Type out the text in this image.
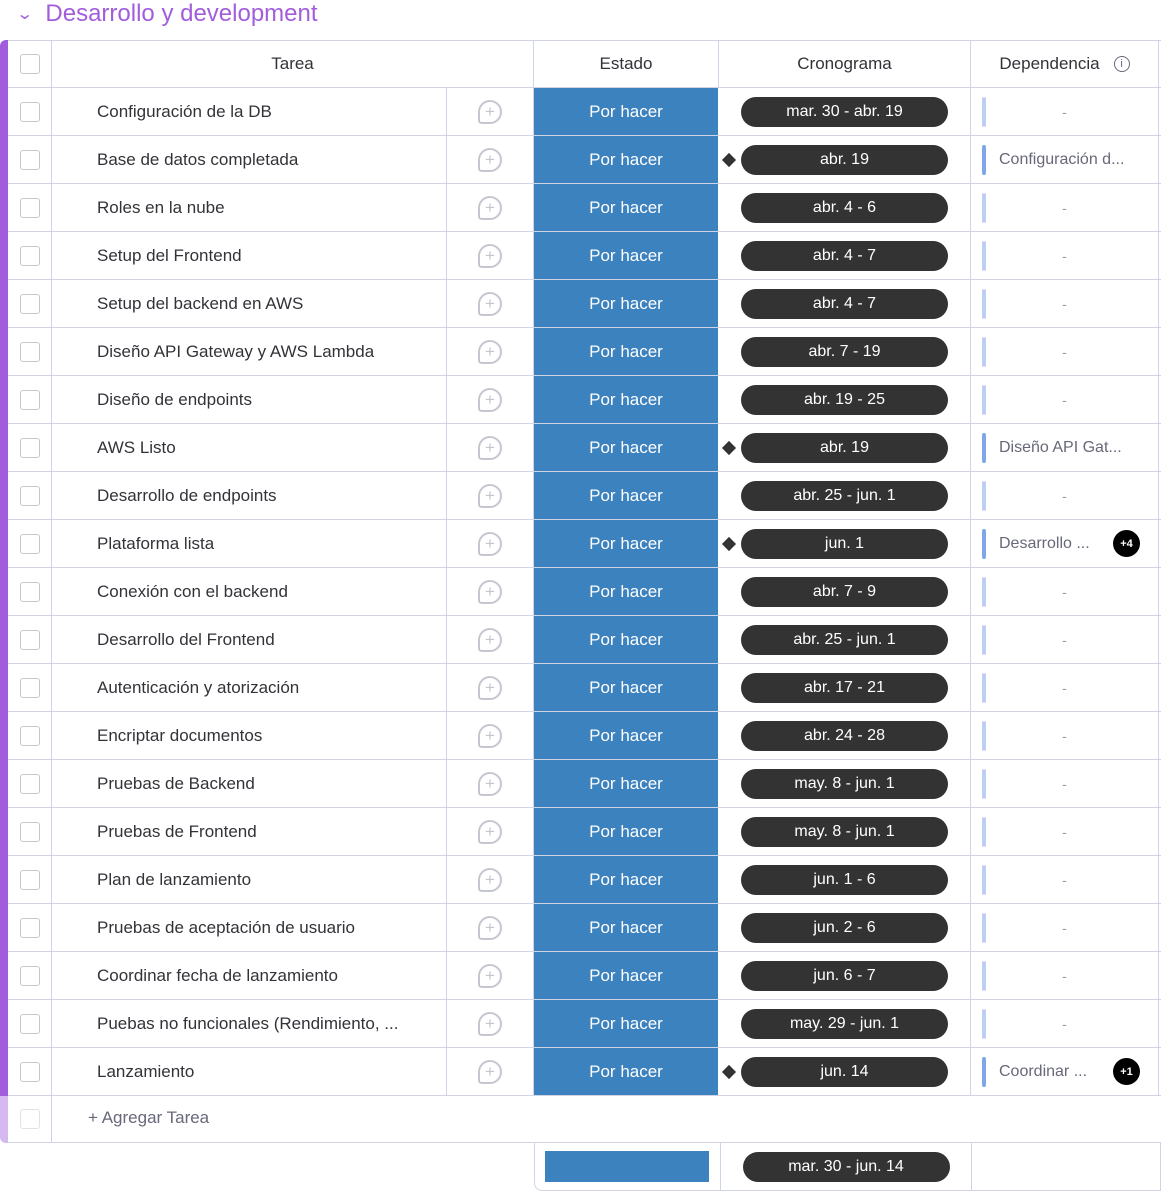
⌄ Desarrollo y development
Tarea	Estado	Cronograma	Dependencia	i
+ Agregar Tarea
Configuración de la DB	+	Por hacer	mar. 30 - abr. 19	-
Base de datos completada	+	Por hacer	abr. 19	Configuración d...
Roles en la nube	+	Por hacer	abr. 4 - 6	-
Setup del Frontend	+	Por hacer	abr. 4 - 7	-
Setup del backend en AWS	+	Por hacer	abr. 4 - 7	-
Diseño API Gateway y AWS Lambda	+	Por hacer	abr. 7 - 19	-
Diseño de endpoints	+	Por hacer	abr. 19 - 25	-
AWS Listo	+	Por hacer	abr. 19	Diseño API Gat...
Desarrollo de endpoints	+	Por hacer	abr. 25 - jun. 1	-
Plataforma lista	+	Por hacer	jun. 1	Desarrollo ...	+4
Conexión con el backend	+	Por hacer	abr. 7 - 9	-
Desarrollo del Frontend	+	Por hacer	abr. 25 - jun. 1	-
Autenticación y atorización	+	Por hacer	abr. 17 - 21	-
Encriptar documentos	+	Por hacer	abr. 24 - 28	-
Pruebas de Backend	+	Por hacer	may. 8 - jun. 1	-
Pruebas de Frontend	+	Por hacer	may. 8 - jun. 1	-
Plan de lanzamiento	+	Por hacer	jun. 1 - 6	-
Pruebas de aceptación de usuario	+	Por hacer	jun. 2 - 6	-
Coordinar fecha de lanzamiento	+	Por hacer	jun. 6 - 7	-
Puebas no funcionales (Rendimiento, ...	+	Por hacer	may. 29 - jun. 1	-
Lanzamiento	+	Por hacer	jun. 14	Coordinar ...	+1
mar. 30 - jun. 14
